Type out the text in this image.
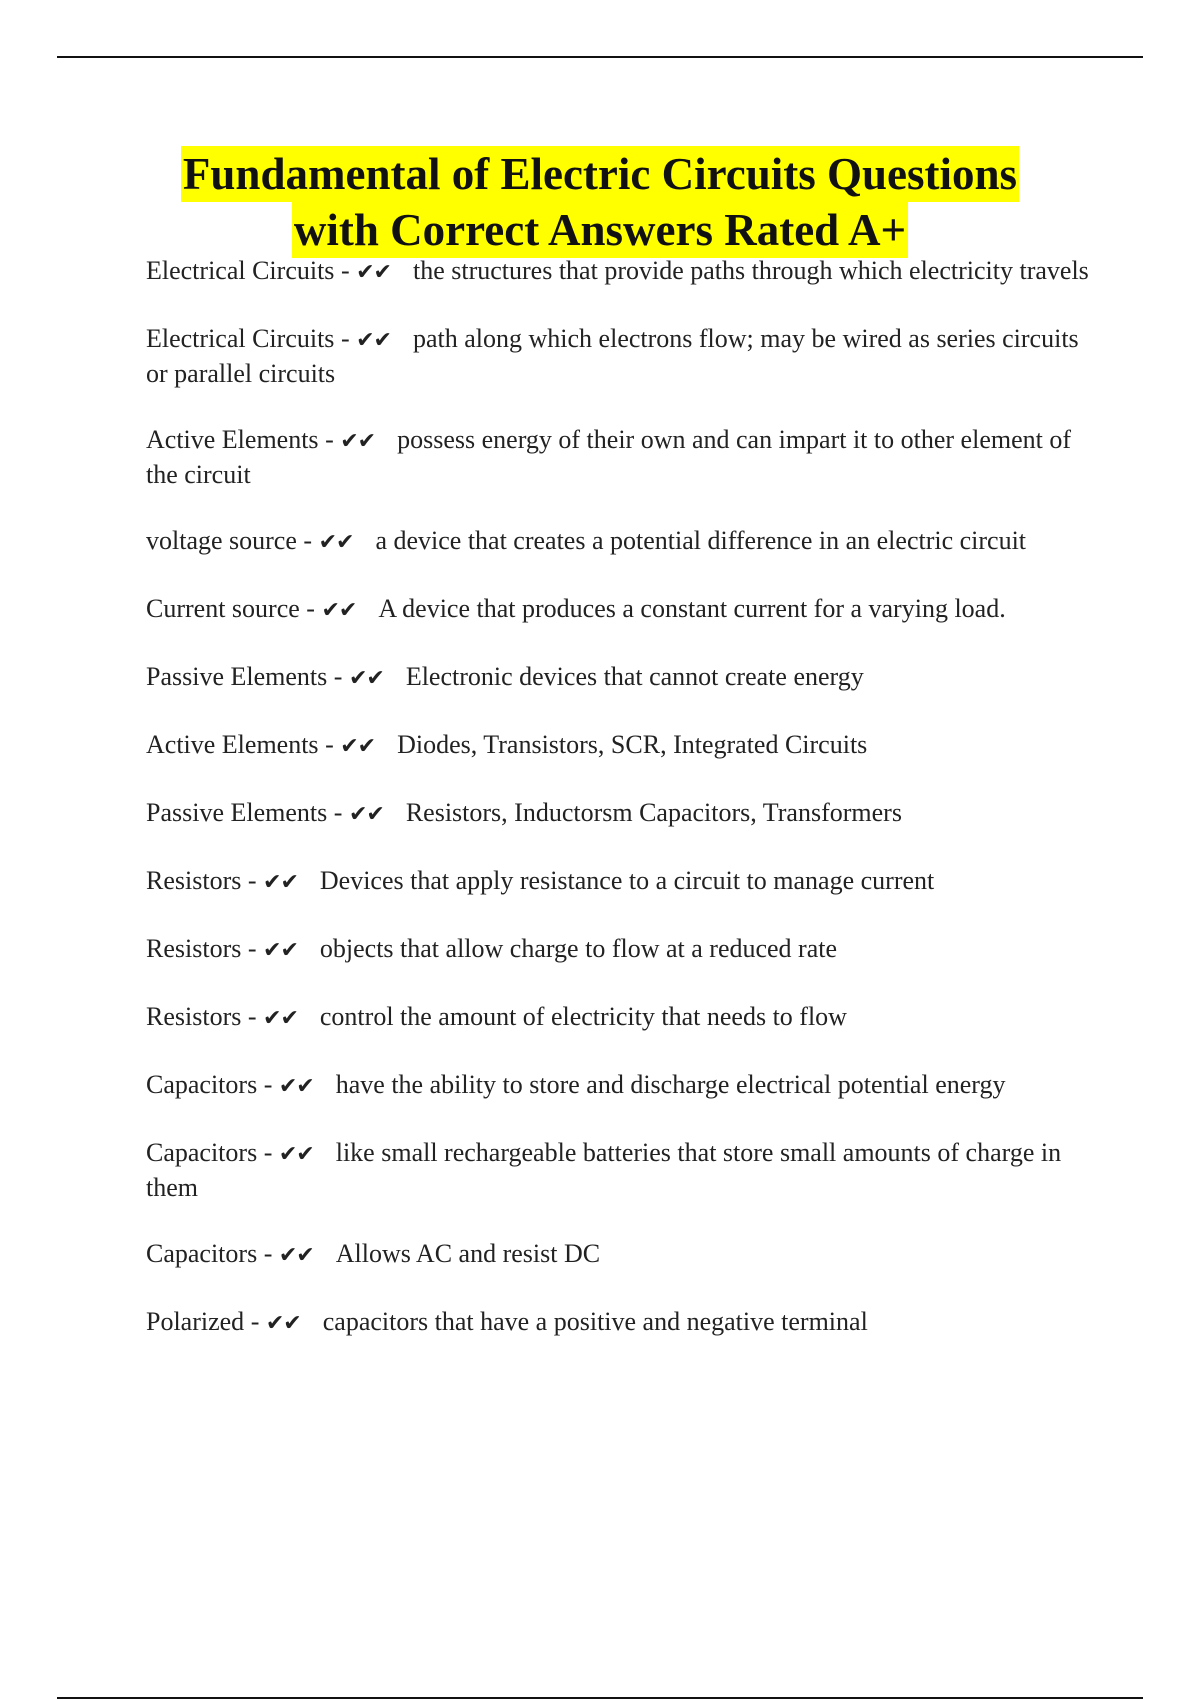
Fundamental of Electric Circuits Questions
with Correct Answers Rated A+
Electrical Circuits - ✔✔ the structures that provide paths through which electricity travels
Electrical Circuits - ✔✔ path along which electrons flow; may be wired as series circuits or parallel circuits
Active Elements - ✔✔ possess energy of their own and can impart it to other element of the circuit
voltage source - ✔✔ a device that creates a potential difference in an electric circuit
Current source - ✔✔ A device that produces a constant current for a varying load.
Passive Elements - ✔✔ Electronic devices that cannot create energy
Active Elements - ✔✔ Diodes, Transistors, SCR, Integrated Circuits
Passive Elements - ✔✔ Resistors, Inductorsm Capacitors, Transformers
Resistors - ✔✔ Devices that apply resistance to a circuit to manage current
Resistors - ✔✔ objects that allow charge to flow at a reduced rate
Resistors - ✔✔ control the amount of electricity that needs to flow
Capacitors - ✔✔ have the ability to store and discharge electrical potential energy
Capacitors - ✔✔ like small rechargeable batteries that store small amounts of charge in them
Capacitors - ✔✔ Allows AC and resist DC
Polarized - ✔✔ capacitors that have a positive and negative terminal
